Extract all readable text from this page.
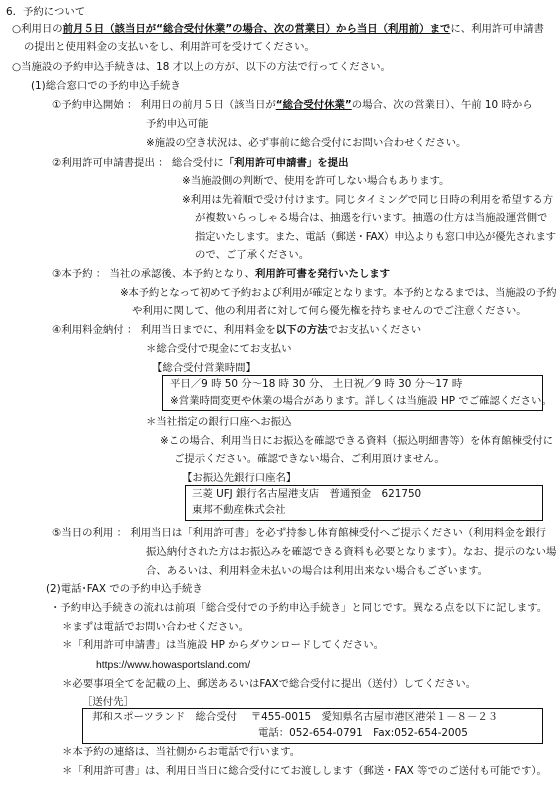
6．予約について
○利用日の前月５日（該当日が“総合受付休業”の場合、次の営業日）から当日（利用前）までに、利用許可申請書
の提出と使用料金の支払いをし、利用許可を受けてください。
○当施設の予約申込手続きは、18 才以上の方が、以下の方法で行ってください。
(1)総合窓口での予約申込手続き
①予約申込開始 ： 利用日の前月５日（該当日が“総合受付休業”の場合、次の営業日）、午前 10 時から
予約申込可能
※施設の空き状況は、必ず事前に総合受付にお問い合わせください。
②利用許可申請書提出 ： 総合受付に「利用許可申請書」を提出
※当施設側の判断で、使用を許可しない場合もあります。
※利用は先着順で受け付けます。同じタイミングで同じ日時の利用を希望する方
が複数いらっしゃる場合は、抽選を行います。抽選の仕方は当施設運営側で
指定いたします。また、電話（郵送・FAX）申込よりも窓口申込が優先されます
ので、ご了承ください。
③本予約 ： 当社の承認後、本予約となり、利用許可書を発行いたします
※本予約となって初めて予約および利用が確定となります。本予約となるまでは、当施設の予約
や利用に関して、他の利用者に対して何ら優先権を持ちませんのでご注意ください。
④利用料金納付 ： 利用当日までに、利用料金を以下の方法でお支払いください
＊総合受付で現金にてお支払い
【総合受付営業時間】
平日／9 時 50 分～18 時 30 分、 土日祝／9 時 30 分～17 時
※営業時間変更や休業の場合があります。詳しくは当施設 HP でご確認ください。
＊当社指定の銀行口座へお振込
※この場合、利用当日にお振込を確認できる資料（振込明細書等）を体育館棟受付に
ご提示ください。確認できない場合、ご利用頂けません。
【お振込先銀行口座名】
三菱 UFJ 銀行名古屋港支店　普通預金　621750
東邦不動産株式会社
⑤当日の利用 ： 利用当日は「利用許可書」を必ず持参し体育館棟受付へご提示ください（利用料金を銀行
振込納付された方はお振込みを確認できる資料も必要となります）。なお、提示のない場
合、あるいは、利用料金未払いの場合は利用出来ない場合もございます。
(2)電話･FAX での予約申込手続き
・予約申込手続きの流れは前項「総合受付での予約申込手続き」と同じです。異なる点を以下に記します。
＊まずは電話でお問い合わせください。
＊「利用許可申請書」は当施設 HP からダウンロードしてください。
https://www.howasportsland.com/
＊必要事項全てを記載の上、郵送あるいはFAXで総合受付に提出（送付）してください。
［送付先］
邦和スポーツランド　総合受付　 〒455-0015　愛知県名古屋市港区港栄１－８－２３
電話：052-654-0791　Fax:052-654-2005
＊本予約の連絡は、当社側からお電話で行います。
＊「利用許可書」は、利用日当日に総合受付にてお渡しします（郵送・FAX 等でのご送付も可能です）。
